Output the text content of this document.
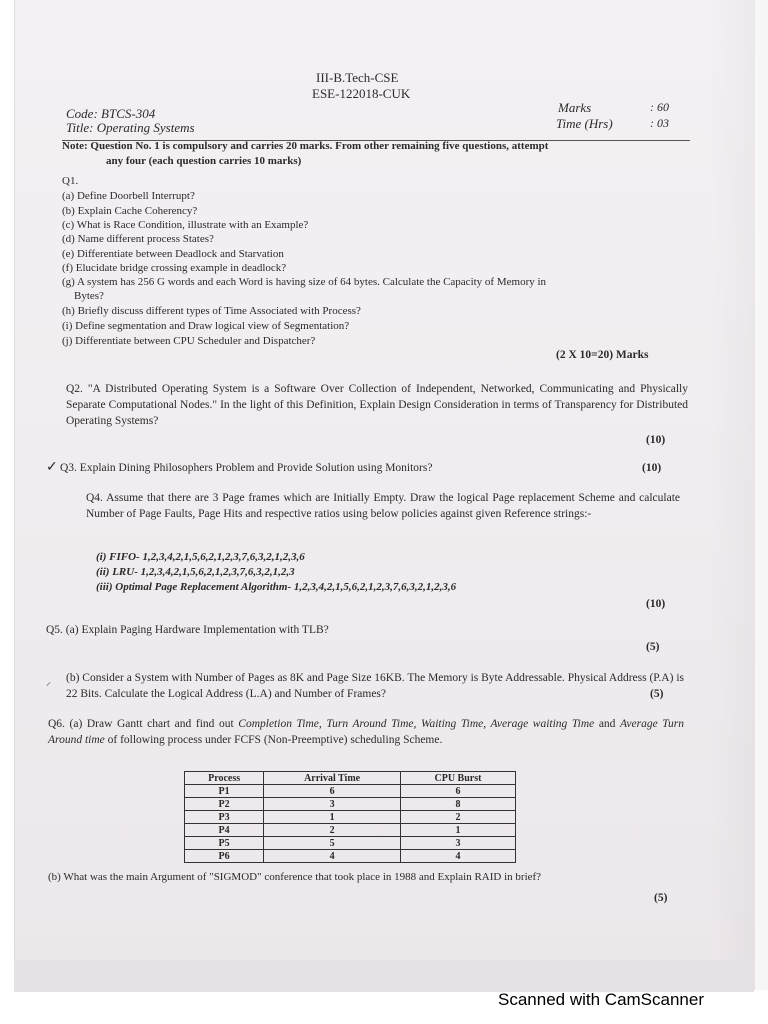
III-B.Tech-CSE
ESE-122018-CUK
Code: BTCS-304
Title: Operating Systems
Marks	: 60
Time (Hrs)	: 03
Note: Question No. 1 is compulsory and carries 20 marks. From other remaining five questions, attempt
any four (each question carries 10 marks)
Q1.
(a) Define Doorbell Interrupt?
(b) Explain Cache Coherency?
(c) What is Race Condition, illustrate with an Example?
(d) Name different process States?
(e) Differentiate between Deadlock and Starvation
(f) Elucidate bridge crossing example in deadlock?
(g) A system has 256 G words and each Word is having size of 64 bytes. Calculate the Capacity of Memory in
Bytes?
(h) Briefly discuss different types of Time Associated with Process?
(i) Define segmentation and Draw logical view of Segmentation?
(j) Differentiate between CPU Scheduler and Dispatcher?
(2 X 10=20) Marks
Q2. "A Distributed Operating System is a Software Over Collection of Independent, Networked, Communicating and Physically Separate Computational Nodes." In the light of this Definition, Explain Design Consideration in terms of Transparency for Distributed Operating Systems?
(10)
✓ Q3. Explain Dining Philosophers Problem and Provide Solution using Monitors?	(10)
Q4. Assume that there are 3 Page frames which are Initially Empty. Draw the logical Page replacement Scheme and calculate Number of Page Faults, Page Hits and respective ratios using below policies against given Reference strings:-
(i) FIFO- 1,2,3,4,2,1,5,6,2,1,2,3,7,6,3,2,1,2,3,6
(ii) LRU- 1,2,3,4,2,1,5,6,2,1,2,3,7,6,3,2,1,2,3
(iii) Optimal Page Replacement Algorithm- 1,2,3,4,2,1,5,6,2,1,2,3,7,6,3,2,1,2,3,6
(10)
Q5. (a) Explain Paging Hardware Implementation with TLB?
(5)
⸝ (b) Consider a System with Number of Pages as 8K and Page Size 16KB. The Memory is Byte Addressable. Physical Address (P.A) is 22 Bits. Calculate the Logical Address (L.A) and Number of Frames?	(5)
Q6. (a) Draw Gantt chart and find out Completion Time, Turn Around Time, Waiting Time, Average waiting Time and Average Turn Around time of following process under FCFS (Non-Preemptive) scheduling Scheme.
Process	Arrival Time	CPU Burst
P1	6	6
P2	3	8
P3	1	2
P4	2	1
P5	5	3
P6	4	4
(b) What was the main Argument of "SIGMOD" conference that took place in 1988 and Explain RAID in brief?
(5)
Scanned with CamScanner
